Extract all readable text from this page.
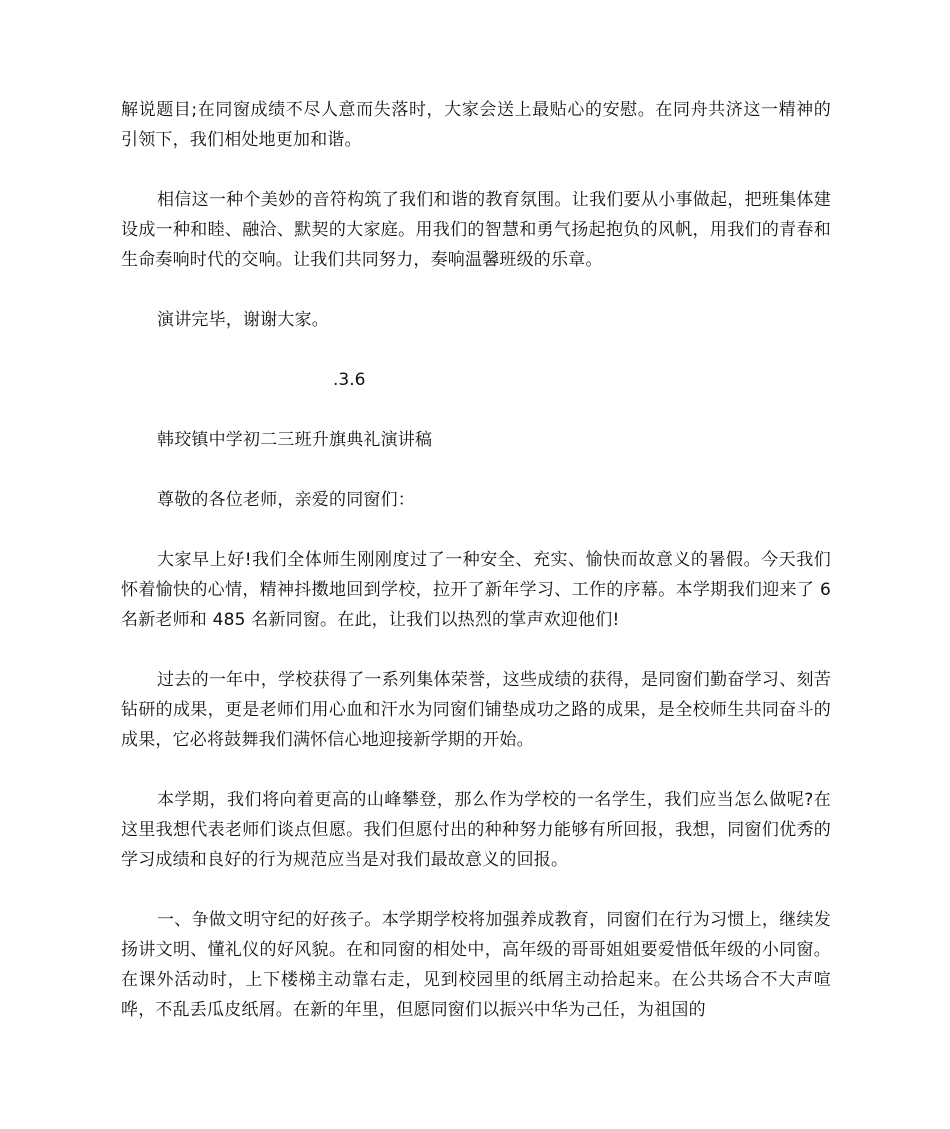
解说题目;在同窗成绩不尽人意而失落时，大家会送上最贴心的安慰。在同舟共济这一精神的引领下，我们相处地更加和谐。

相信这一种个美妙的音符构筑了我们和谐的教育氛围。让我们要从小事做起，把班集体建设成一种和睦、融洽、默契的大家庭。用我们的智慧和勇气扬起抱负的风帆，用我们的青春和生命奏响时代的交响。让我们共同努力，奏响温馨班级的乐章。

演讲完毕，谢谢大家。

.3.6

韩珓镇中学初二三班升旗典礼演讲稿

尊敬的各位老师，亲爱的同窗们：

大家早上好!我们全体师生刚刚度过了一种安全、充实、愉快而故意义的暑假。今天我们怀着愉快的心情，精神抖擞地回到学校，拉开了新年学习、工作的序幕。本学期我们迎来了 6 名新老师和 485 名新同窗。在此，让我们以热烈的掌声欢迎他们!

过去的一年中，学校获得了一系列集体荣誉，这些成绩的获得，是同窗们勤奋学习、刻苦钻研的成果，更是老师们用心血和汗水为同窗们铺垫成功之路的成果，是全校师生共同奋斗的成果，它必将鼓舞我们满怀信心地迎接新学期的开始。

本学期，我们将向着更高的山峰攀登，那么作为学校的一名学生，我们应当怎么做呢?在这里我想代表老师们谈点但愿。我们但愿付出的种种努力能够有所回报，我想，同窗们优秀的学习成绩和良好的行为规范应当是对我们最故意义的回报。

一、争做文明守纪的好孩子。本学期学校将加强养成教育，同窗们在行为习惯上，继续发扬讲文明、懂礼仪的好风貌。在和同窗的相处中，高年级的哥哥姐姐要爱惜低年级的小同窗。在课外活动时，上下楼梯主动靠右走，见到校园里的纸屑主动拾起来。在公共场合不大声喧哗，不乱丢瓜皮纸屑。在新的年里，但愿同窗们以振兴中华为己任，为祖国的
